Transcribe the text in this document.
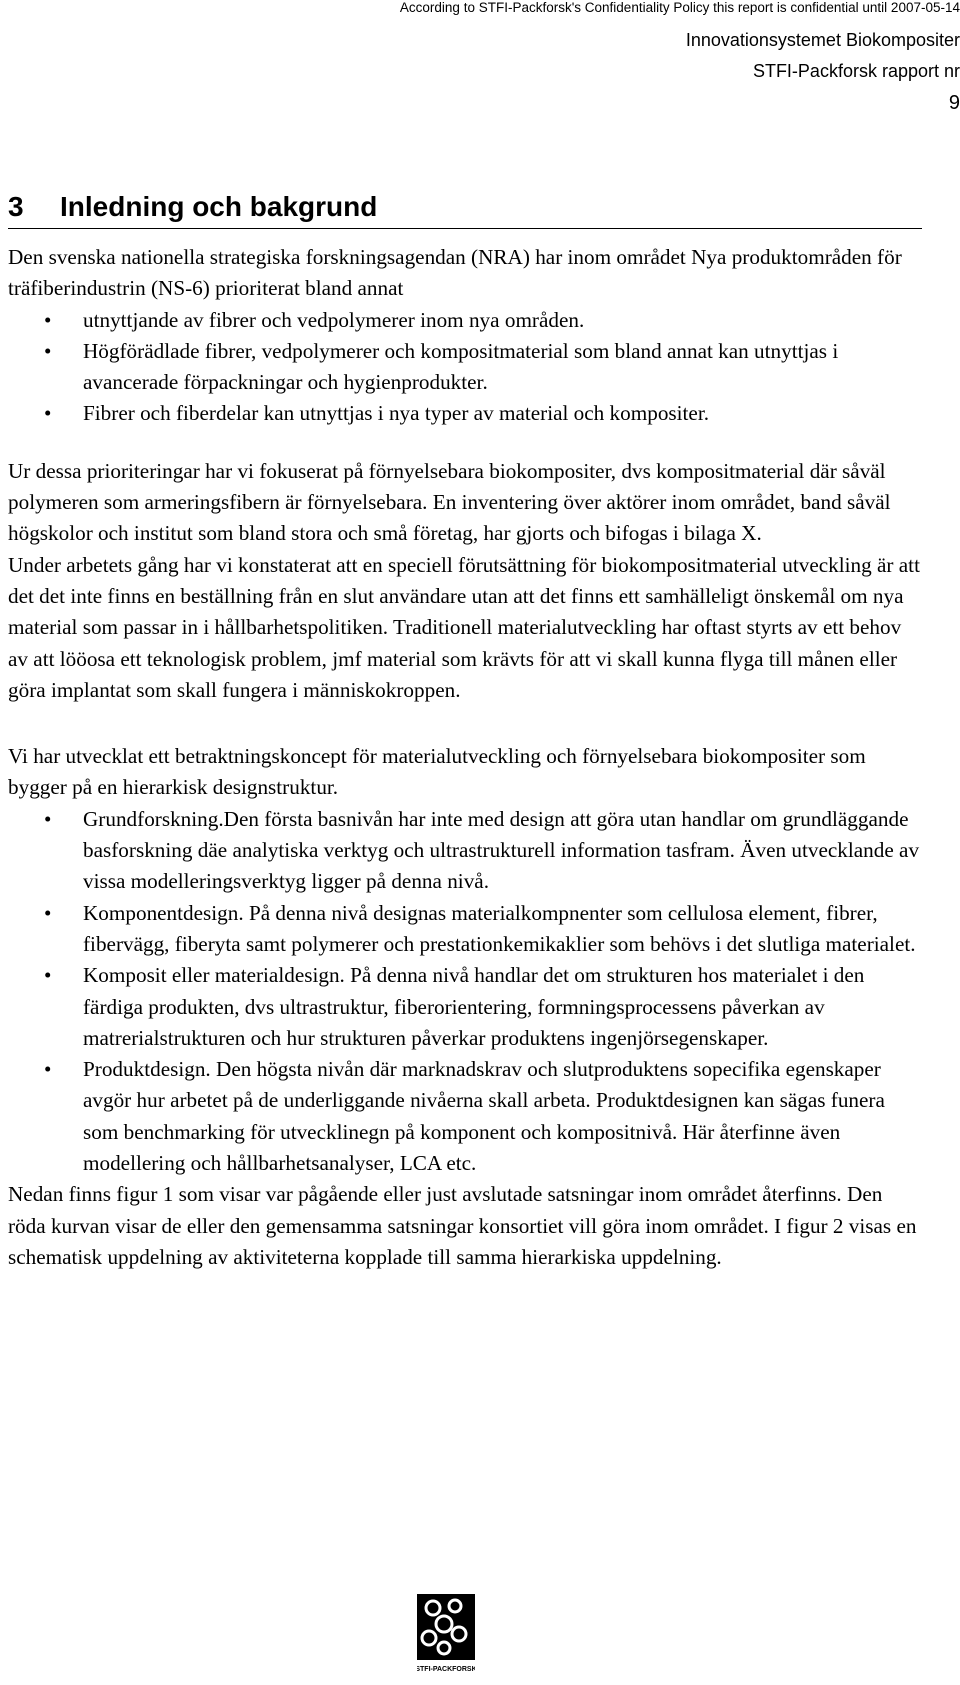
According to STFI-Packforsk's Confidentiality Policy this report is confidential until 2007-05-14
Innovationsystemet Biokompositer
STFI-Packforsk rapport nr
9
3 Inledning och bakgrund

Den svenska nationella strategiska forskningsagendan (NRA) har inom området Nya produktområden för träfiberindustrin (NS-6) prioriterat bland annat

• utnyttjande av fibrer och vedpolymerer inom nya områden.
• Högförädlade fibrer, vedpolymerer och kompositmaterial som bland annat kan utnyttjas i avancerade förpackningar och hygienprodukter.
• Fibrer och fiberdelar kan utnyttjas i nya typer av material och kompositer.

Ur dessa prioriteringar har vi fokuserat på förnyelsebara biokompositer, dvs kompositmaterial där såväl polymeren som armeringsfibern är förnyelsebara. En inventering över aktörer inom området, band såväl högskolor och institut som bland stora och små företag, har gjorts och bifogas i bilaga X.

Under arbetets gång har vi konstaterat att en speciell förutsättning för biokompositmaterial utveckling är att det det inte finns en beställning från en slut användare utan att det finns ett samhälleligt önskemål om nya material som passar in i hållbarhetspolitiken. Traditionell materialutveckling har oftast styrts av ett behov av att lööosa ett teknologisk problem, jmf material som krävts för att vi skall kunna flyga till månen eller göra implantat som skall fungera i människokroppen.

Vi har utvecklat ett betraktningskoncept för materialutveckling och förnyelsebara biokompositer som bygger på en hierarkisk designstruktur.

• Grundforskning.Den första basnivån har inte med design att göra utan handlar om grundläggande basforskning däe analytiska verktyg och ultrastrukturell information tasfram. Även utvecklande av vissa modelleringsverktyg ligger på denna nivå.
• Komponentdesign. På denna nivå designas materialkompnenter som cellulosa element, fibrer, fibervägg, fiberyta samt polymerer och prestationkemikaklier som behövs i det slutliga materialet.
• Komposit eller materialdesign. På denna nivå handlar det om strukturen hos materialet i den färdiga produkten, dvs ultrastruktur, fiberorientering, formningsprocessens påverkan av matrerialstrukturen och hur strukturen påverkar produktens ingenjörsegenskaper.
• Produktdesign. Den högsta nivån där marknadskrav och slutproduktens sopecifika egenskaper avgör hur arbetet på de underliggande nivåerna skall arbeta. Produktdesignen kan sägas funera som benchmarking för utvecklinegn på komponent och kompositnivå. Här återfinne även modellering och hållbarhetsanalyser, LCA etc.

Nedan finns figur 1 som visar var pågående eller just avslutade satsningar inom området återfinns. Den röda kurvan visar de eller den gemensamma satsningar konsortiet vill göra inom området. I figur 2 visas en schematisk uppdelning av aktiviteterna kopplade till samma hierarkiska uppdelning.

STFI-PACKFORSK
